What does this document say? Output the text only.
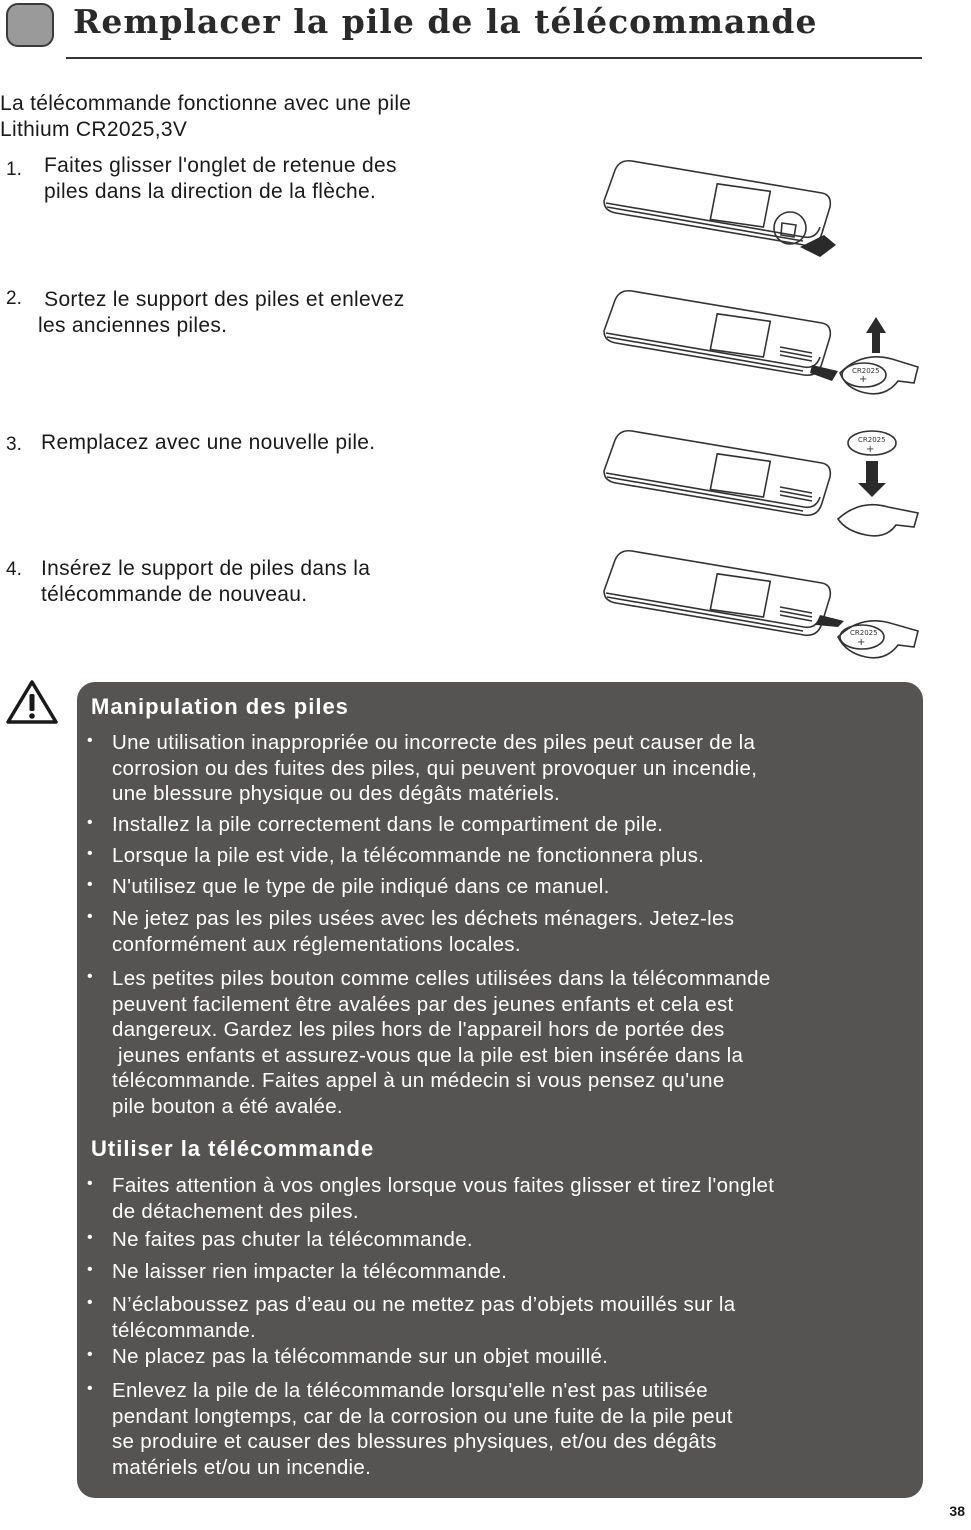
Remplacer la pile de la télécommande
La télécommande fonctionne avec une pile
Lithium CR2025,3V
1. Faites glisser l'onglet de retenue des
piles dans la direction de la flèche.
2. Sortez le support des piles et enlevez
les anciennes piles.
3. Remplacez avec une nouvelle pile.
4. Insérez le support de piles dans la
télécommande de nouveau.
CR2025
+
CR2025
+
CR2025
+
Manipulation des piles
• Une utilisation inappropriée ou incorrecte des piles peut causer de la
corrosion ou des fuites des piles, qui peuvent provoquer un incendie,
une blessure physique ou des dégâts matériels.
• Installez la pile correctement dans le compartiment de pile.
• Lorsque la pile est vide, la télécommande ne fonctionnera plus.
• N'utilisez que le type de pile indiqué dans ce manuel.
• Ne jetez pas les piles usées avec les déchets ménagers. Jetez-les
conformément aux réglementations locales.
• Les petites piles bouton comme celles utilisées dans la télécommande
peuvent facilement être avalées par des jeunes enfants et cela est
dangereux. Gardez les piles hors de l'appareil hors de portée des
jeunes enfants et assurez-vous que la pile est bien insérée dans la
télécommande. Faites appel à un médecin si vous pensez qu'une
pile bouton a été avalée.
Utiliser la télécommande
• Faites attention à vos ongles lorsque vous faites glisser et tirez l'onglet
de détachement des piles.
• Ne faites pas chuter la télécommande.
• Ne laisser rien impacter la télécommande.
• N’éclaboussez pas d’eau ou ne mettez pas d’objets mouillés sur la
télécommande.
• Ne placez pas la télécommande sur un objet mouillé.
• Enlevez la pile de la télécommande lorsqu'elle n'est pas utilisée
pendant longtemps, car de la corrosion ou une fuite de la pile peut
se produire et causer des blessures physiques, et/ou des dégâts
matériels et/ou un incendie.
38
